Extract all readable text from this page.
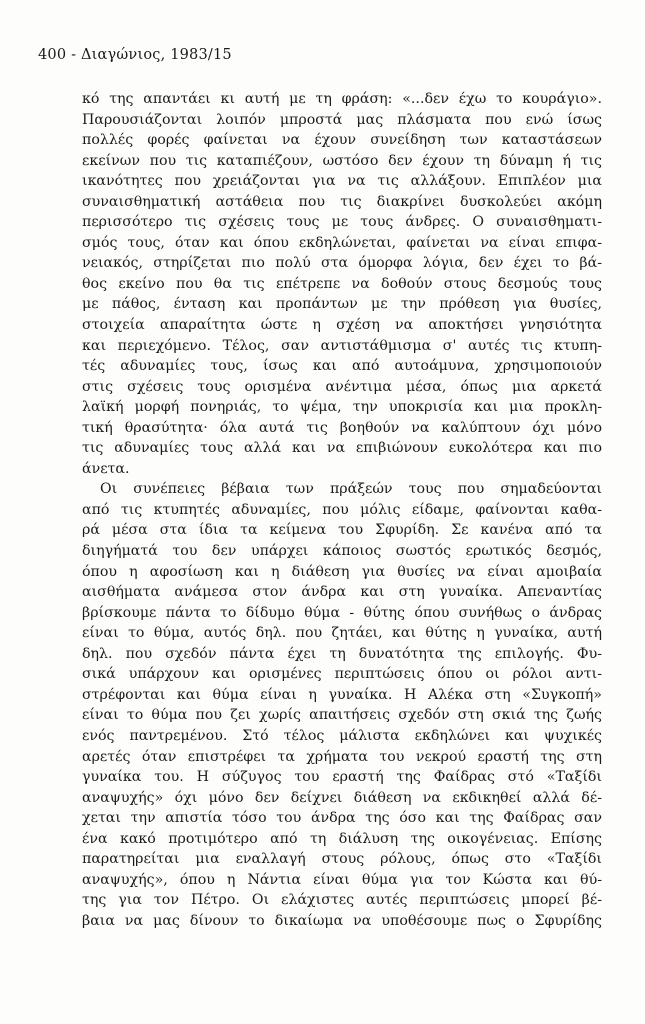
400 - Διαγώνιος, 1983/15
κό της απαντάει κι αυτή με τη φράση: «...δεν έχω το κουράγιο».
Παρουσιάζονται λοιπόν μπροστά μας πλάσματα που ενώ ίσως
πολλές φορές φαίνεται να έχουν συνείδηση των καταστάσεων
εκείνων που τις καταπιέζουν, ωστόσο δεν έχουν τη δύναμη ή τις
ικανότητες που χρειάζονται για να τις αλλάξουν. Επιπλέον μια
συναισθηματική αστάθεια που τις διακρίνει δυσκολεύει ακόμη
περισσότερο τις σχέσεις τους με τους άνδρες. Ο συναισθηματι-
σμός τους, όταν και όπου εκδηλώνεται, φαίνεται να είναι επιφα-
νειακός, στηρίζεται πιο πολύ στα όμορφα λόγια, δεν έχει το βά-
θος εκείνο που θα τις επέτρεπε να δοθούν στους δεσμούς τους
με πάθος, ένταση και προπάντων με την πρόθεση για θυσίες,
στοιχεία απαραίτητα ώστε η σχέση να αποκτήσει γνησιότητα
και περιεχόμενο. Τέλος, σαν αντιστάθμισμα σ' αυτές τις κτυπη-
τές αδυναμίες τους, ίσως και από αυτοάμυνα, χρησιμοποιούν
στις σχέσεις τους ορισμένα ανέντιμα μέσα, όπως μια αρκετά
λαϊκή μορφή πονηριάς, το ψέμα, την υποκρισία και μια προκλη-
τική θρασύτητα· όλα αυτά τις βοηθούν να καλύπτουν όχι μόνο
τις αδυναμίες τους αλλά και να επιβιώνουν ευκολότερα και πιο
άνετα.
Οι συνέπειες βέβαια των πράξεών τους που σημαδεύονται
από τις κτυπητές αδυναμίες, που μόλις είδαμε, φαίνονται καθα-
ρά μέσα στα ίδια τα κείμενα του Σφυρίδη. Σε κανένα από τα
διηγήματά του δεν υπάρχει κάποιος σωστός ερωτικός δεσμός,
όπου η αφοσίωση και η διάθεση για θυσίες να είναι αμοιβαία
αισθήματα ανάμεσα στον άνδρα και στη γυναίκα. Απεναντίας
βρίσκουμε πάντα το δίδυμο θύμα - θύτης όπου συνήθως ο άνδρας
είναι το θύμα, αυτός δηλ. που ζητάει, και θύτης η γυναίκα, αυτή
δηλ. που σχεδόν πάντα έχει τη δυνατότητα της επιλογής. Φυ-
σικά υπάρχουν και ορισμένες περιπτώσεις όπου οι ρόλοι αντι-
στρέφονται και θύμα είναι η γυναίκα. Η Αλέκα στη «Συγκοπή»
είναι το θύμα που ζει χωρίς απαιτήσεις σχεδόν στη σκιά της ζωής
ενός παντρεμένου. Στό τέλος μάλιστα εκδηλώνει και ψυχικές
αρετές όταν επιστρέφει τα χρήματα του νεκρού εραστή της στη
γυναίκα του. Η σύζυγος του εραστή της Φαίδρας στό «Ταξίδι
αναψυχής» όχι μόνο δεν δείχνει διάθεση να εκδικηθεί αλλά δέ-
χεται την απιστία τόσο του άνδρα της όσο και της Φαίδρας σαν
ένα κακό προτιμότερο από τη διάλυση της οικογένειας. Επίσης
παρατηρείται μια εναλλαγή στους ρόλους, όπως στο «Ταξίδι
αναψυχής», όπου η Νάντια είναι θύμα για τον Κώστα και θύ-
της για τον Πέτρο. Οι ελάχιστες αυτές περιπτώσεις μπορεί βέ-
βαια να μας δίνουν το δικαίωμα να υποθέσουμε πως ο Σφυρίδης
